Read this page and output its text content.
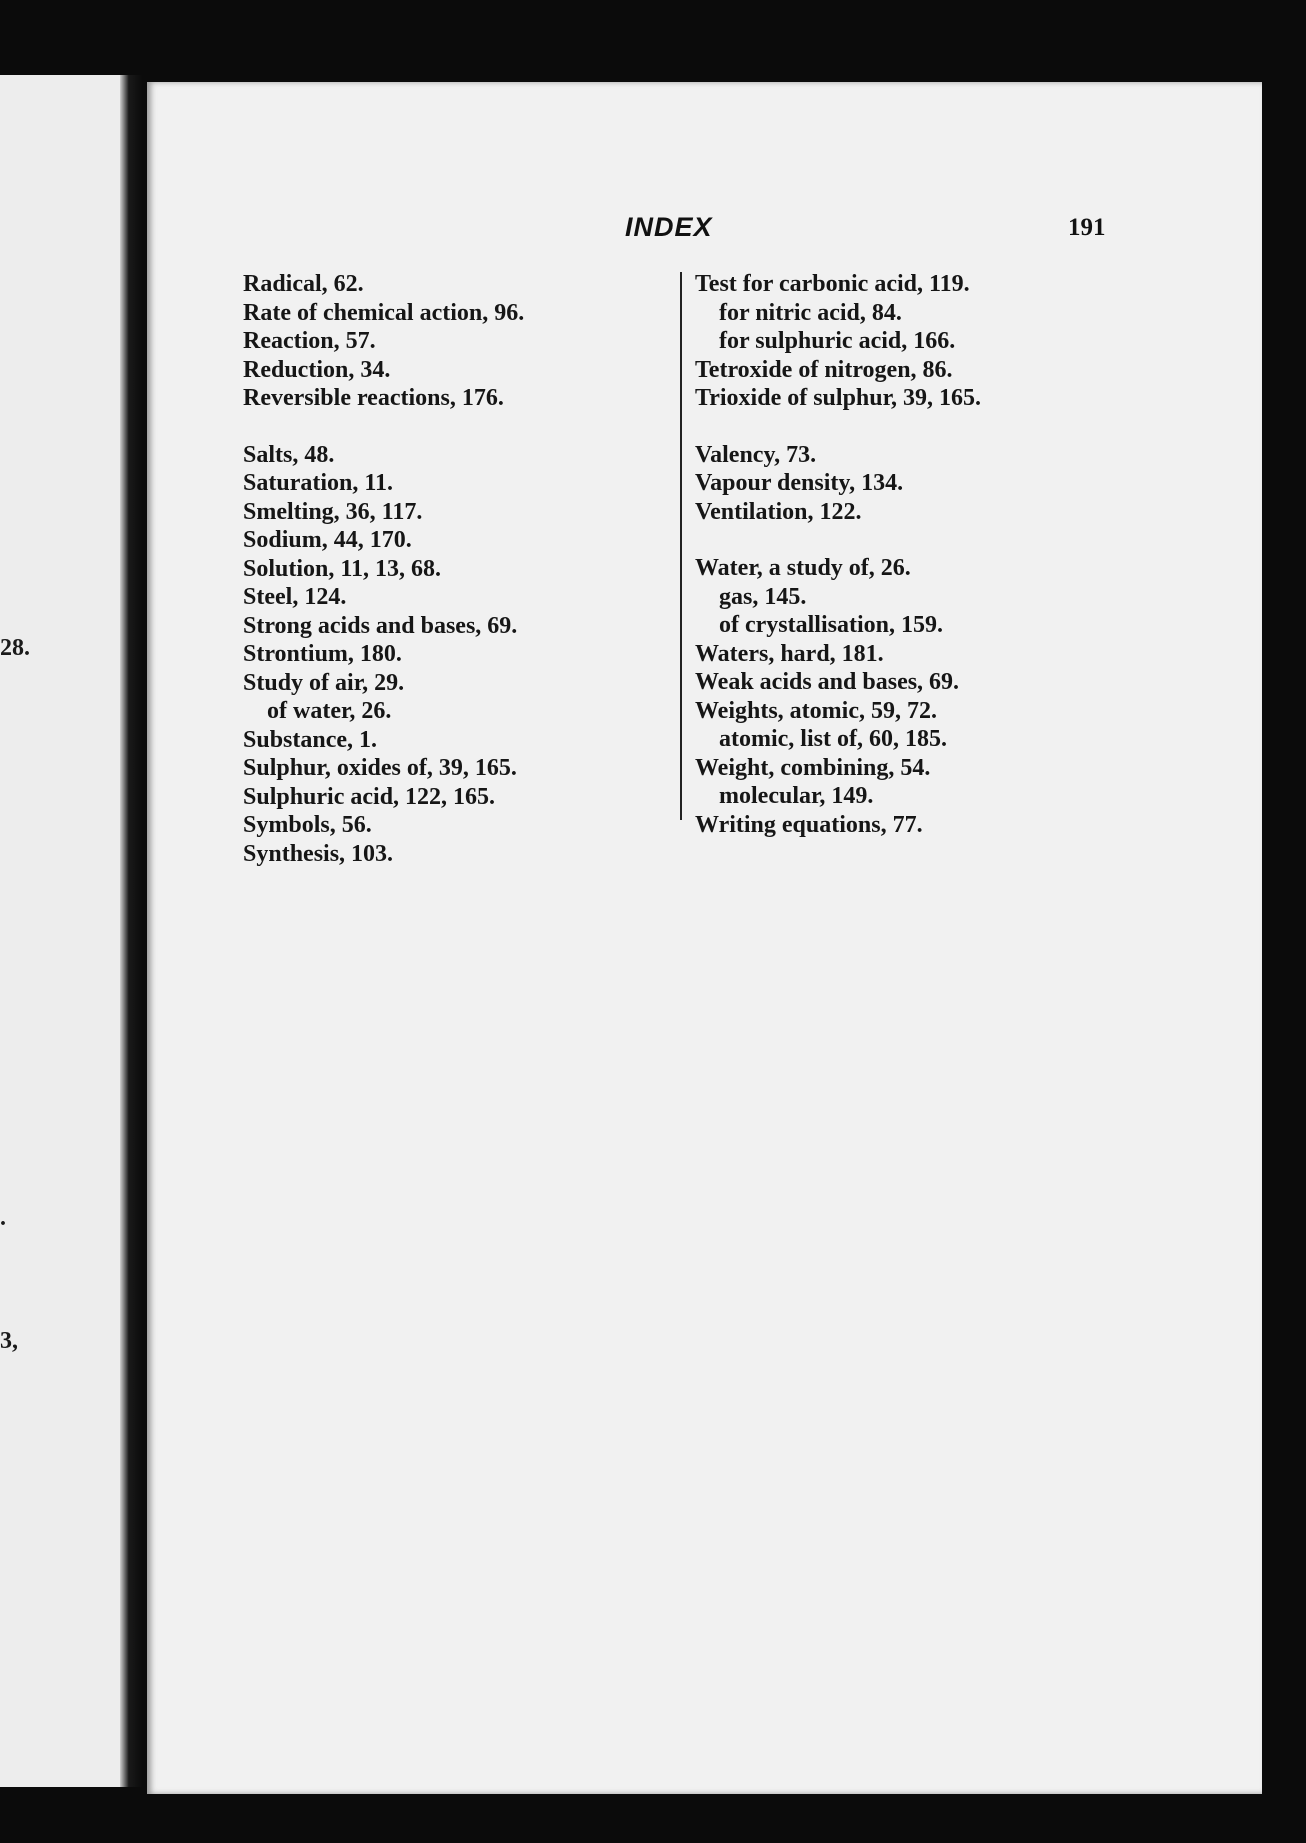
28.
.
3,
INDEX	191
Radical, 62.
Rate of chemical action, 96.
Reaction, 57.
Reduction, 34.
Reversible reactions, 176.
Salts, 48.
Satu⁠ration, 11.
Smelting, 36, 117.
Sodium, 44, 170.
Solution, 11, 13, 68.
Steel, 124.
Strong acids and bases, 69.
Strontium, 180.
Study of air, 29.
of water, 26.
Substance, 1.
Sulphur, oxides of, 39, 165.
Sulphuric acid, 122, 165.
Symbols, 56.
Synthesis, 103.
Test for carbonic acid, 119.
for nitric acid, 84.
for sulphuric acid, 166.
Tetroxide of nitrogen, 86.
Trioxide of sulphur, 39, 165.
Valency, 73.
Vapour density, 134.
Ventilation, 122.
Water, a study of, 26.
gas, 145.
of crystallisation, 159.
Waters, hard, 181.
Weak acids and bases, 69.
Weights, atomic, 59, 72.
atomic, list of, 60, 185.
Weight, combining, 54.
molecular, 149.
Writing equations, 77.
